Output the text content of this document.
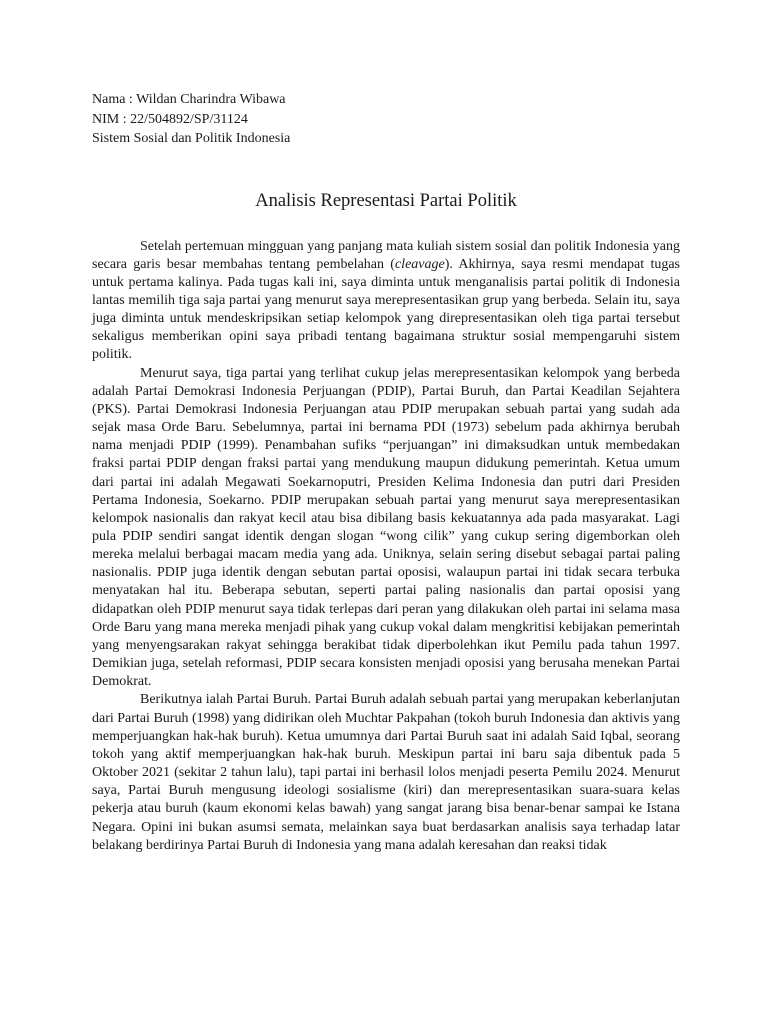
Nama : Wildan Charindra Wibawa
NIM : 22/504892/SP/31124
Sistem Sosial dan Politik Indonesia
Analisis Representasi Partai Politik

Setelah pertemuan mingguan yang panjang mata kuliah sistem sosial dan politik Indonesia yang secara garis besar membahas tentang pembelahan (cleavage). Akhirnya, saya resmi mendapat tugas untuk pertama kalinya. Pada tugas kali ini, saya diminta untuk menganalisis partai politik di Indonesia lantas memilih tiga saja partai yang menurut saya merepresentasikan grup yang berbeda. Selain itu, saya juga diminta untuk mendeskripsikan setiap kelompok yang direpresentasikan oleh tiga partai tersebut sekaligus memberikan opini saya pribadi tentang bagaimana struktur sosial mempengaruhi sistem politik.

Menurut saya, tiga partai yang terlihat cukup jelas merepresentasikan kelompok yang berbeda adalah Partai Demokrasi Indonesia Perjuangan (PDIP), Partai Buruh, dan Partai Keadilan Sejahtera (PKS). Partai Demokrasi Indonesia Perjuangan atau PDIP merupakan sebuah partai yang sudah ada sejak masa Orde Baru. Sebelumnya, partai ini bernama PDI (1973) sebelum pada akhirnya berubah nama menjadi PDIP (1999). Penambahan sufiks “perjuangan” ini dimaksudkan untuk membedakan fraksi partai PDIP dengan fraksi partai yang mendukung maupun didukung pemerintah. Ketua umum dari partai ini adalah Megawati Soekarnoputri, Presiden Kelima Indonesia dan putri dari Presiden Pertama Indonesia, Soekarno. PDIP merupakan sebuah partai yang menurut saya merepresentasikan kelompok nasionalis dan rakyat kecil atau bisa dibilang basis kekuatannya ada pada masyarakat. Lagi pula PDIP sendiri sangat identik dengan slogan “wong cilik” yang cukup sering digemborkan oleh mereka melalui berbagai macam media yang ada. Uniknya, selain sering disebut sebagai partai paling nasionalis. PDIP juga identik dengan sebutan partai oposisi, walaupun partai ini tidak secara terbuka menyatakan hal itu. Beberapa sebutan, seperti partai paling nasionalis dan partai oposisi yang didapatkan oleh PDIP menurut saya tidak terlepas dari peran yang dilakukan oleh partai ini selama masa Orde Baru yang mana mereka menjadi pihak yang cukup vokal dalam mengkritisi kebijakan pemerintah yang menyengsarakan rakyat sehingga berakibat tidak diperbolehkan ikut Pemilu pada tahun 1997. Demikian juga, setelah reformasi, PDIP secara konsisten menjadi oposisi yang berusaha menekan Partai Demokrat.

Berikutnya ialah Partai Buruh. Partai Buruh adalah sebuah partai yang merupakan keberlanjutan dari Partai Buruh (1998) yang didirikan oleh Muchtar Pakpahan (tokoh buruh Indonesia dan aktivis yang memperjuangkan hak-hak buruh). Ketua umumnya dari Partai Buruh saat ini adalah Said Iqbal, seorang tokoh yang aktif memperjuangkan hak-hak buruh. Meskipun partai ini baru saja dibentuk pada 5 Oktober 2021 (sekitar 2 tahun lalu), tapi partai ini berhasil lolos menjadi peserta Pemilu 2024. Menurut saya, Partai Buruh mengusung ideologi sosialisme (kiri) dan merepresentasikan suara-suara kelas pekerja atau buruh (kaum ekonomi kelas bawah) yang sangat jarang bisa benar-benar sampai ke Istana Negara. Opini ini bukan asumsi semata, melainkan saya buat berdasarkan analisis saya terhadap latar belakang berdirinya Partai Buruh di Indonesia yang mana adalah keresahan dan reaksi tidak
